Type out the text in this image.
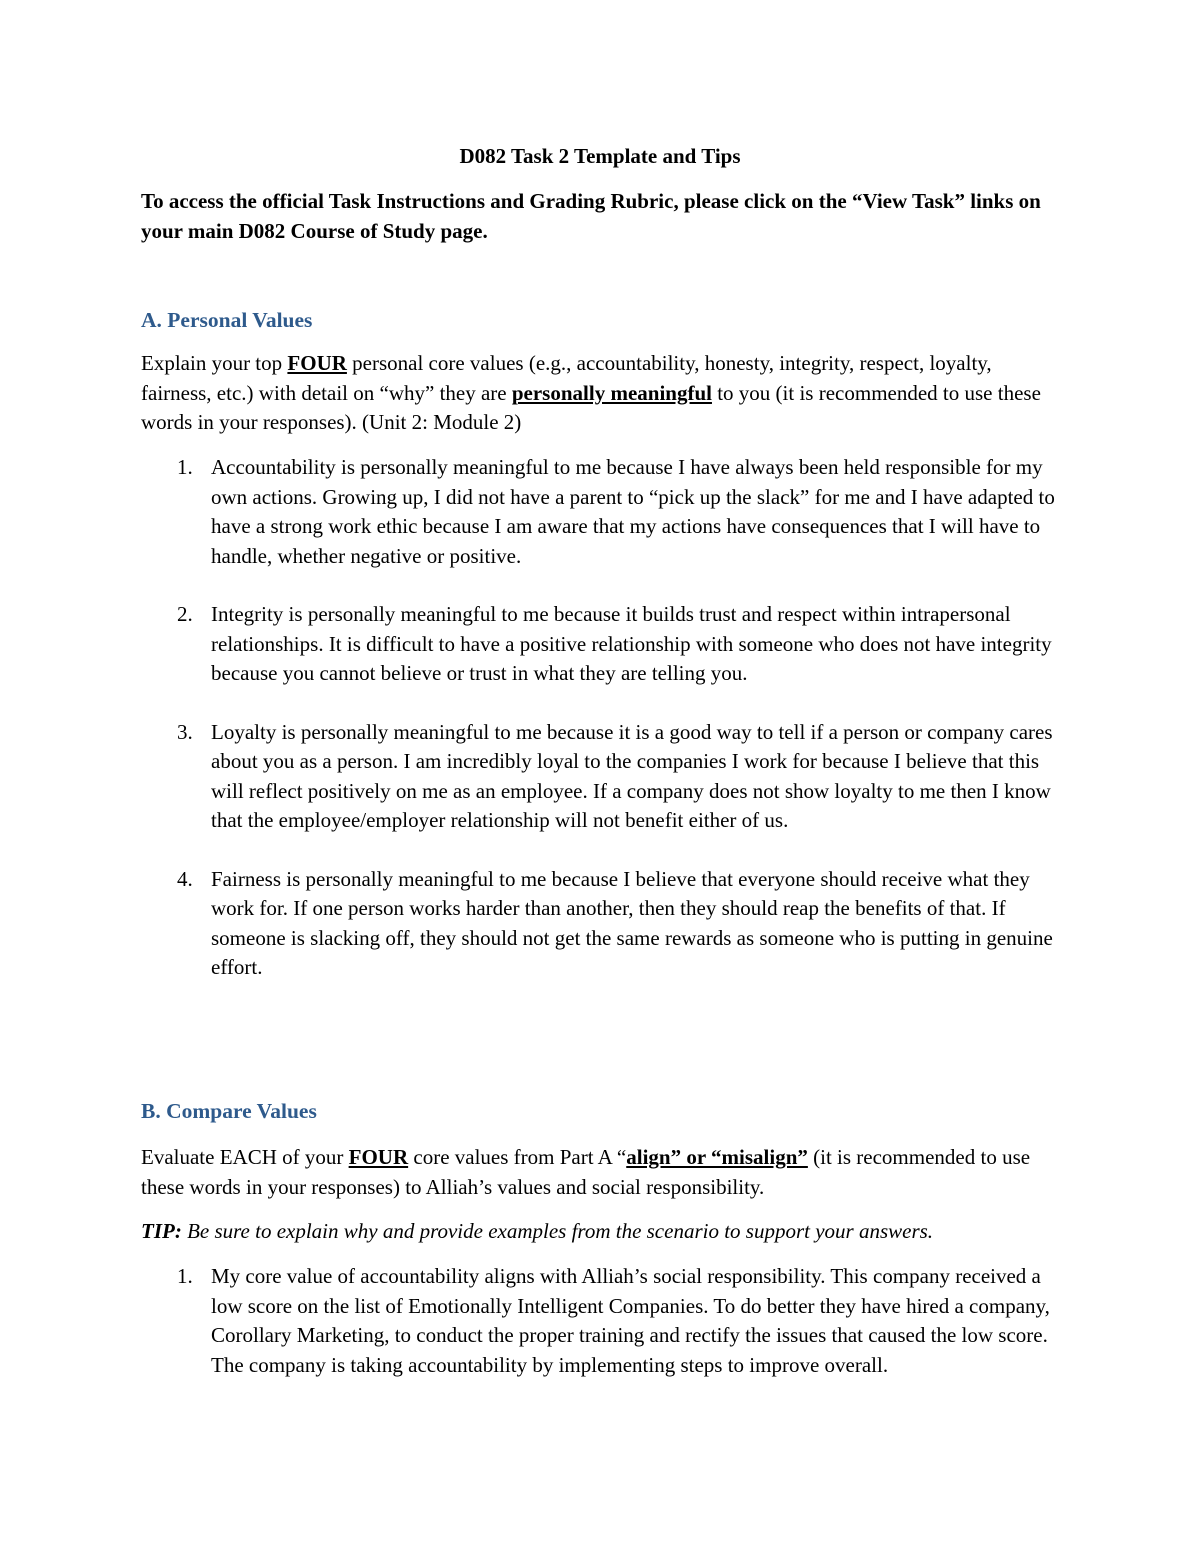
D082 Task 2 Template and Tips
To access the official Task Instructions and Grading Rubric, please click on the “View Task” links on your main D082 Course of Study page.
A. Personal Values
Explain your top FOUR personal core values (e.g., accountability, honesty, integrity, respect, loyalty, fairness, etc.) with detail on “why” they are personally meaningful to you (it is recommended to use these words in your responses). (Unit 2: Module 2)
1. Accountability is personally meaningful to me because I have always been held responsible for my own actions. Growing up, I did not have a parent to “pick up the slack” for me and I have adapted to have a strong work ethic because I am aware that my actions have consequences that I will have to handle, whether negative or positive.
2. Integrity is personally meaningful to me because it builds trust and respect within intrapersonal relationships. It is difficult to have a positive relationship with someone who does not have integrity because you cannot believe or trust in what they are telling you.
3. Loyalty is personally meaningful to me because it is a good way to tell if a person or company cares about you as a person. I am incredibly loyal to the companies I work for because I believe that this will reflect positively on me as an employee. If a company does not show loyalty to me then I know that the employee/employer relationship will not benefit either of us.
4. Fairness is personally meaningful to me because I believe that everyone should receive what they work for. If one person works harder than another, then they should reap the benefits of that. If someone is slacking off, they should not get the same rewards as someone who is putting in genuine effort.
B. Compare Values
Evaluate EACH of your FOUR core values from Part A “align” or “misalign” (it is recommended to use these words in your responses) to Alliah’s values and social responsibility.
TIP: Be sure to explain why and provide examples from the scenario to support your answers.
1. My core value of accountability aligns with Alliah’s social responsibility. This company received a low score on the list of Emotionally Intelligent Companies. To do better they have hired a company, Corollary Marketing, to conduct the proper training and rectify the issues that caused the low score. The company is taking accountability by implementing steps to improve overall.
